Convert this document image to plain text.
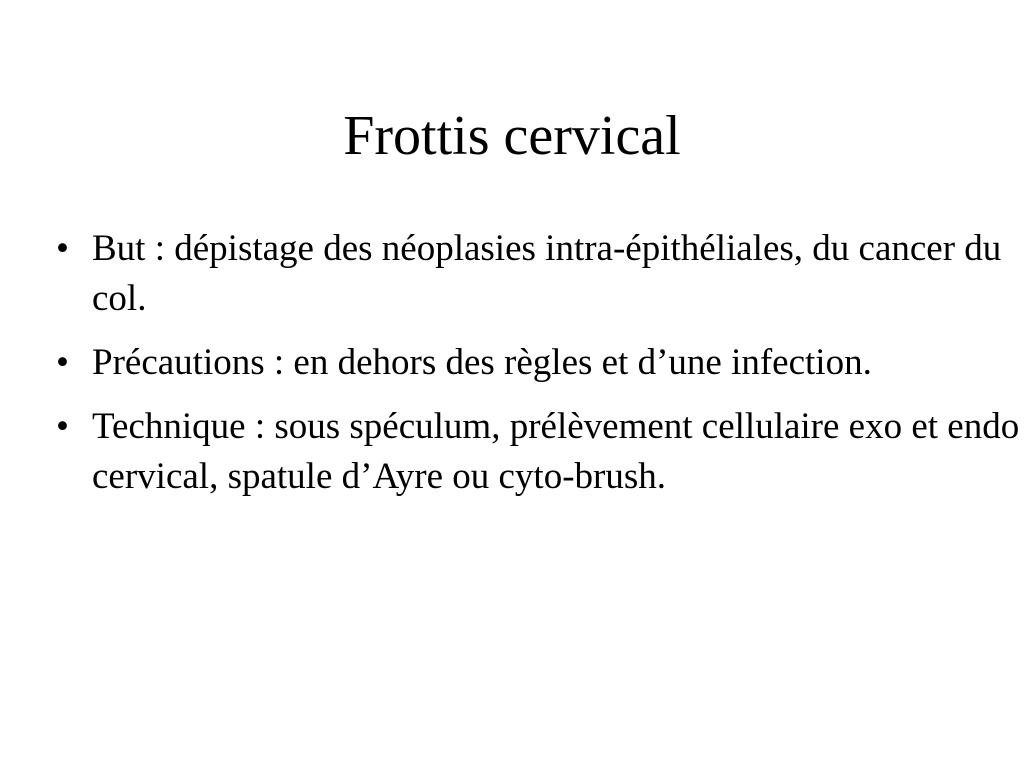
Frottis cervical
• But : dépistage des néoplasies intra-épithéliales, du cancer du col.
• Précautions : en dehors des règles et d’une infection.
• Technique : sous spéculum, prélèvement cellulaire exo et endo cervical, spatule d’Ayre ou cyto-brush.
